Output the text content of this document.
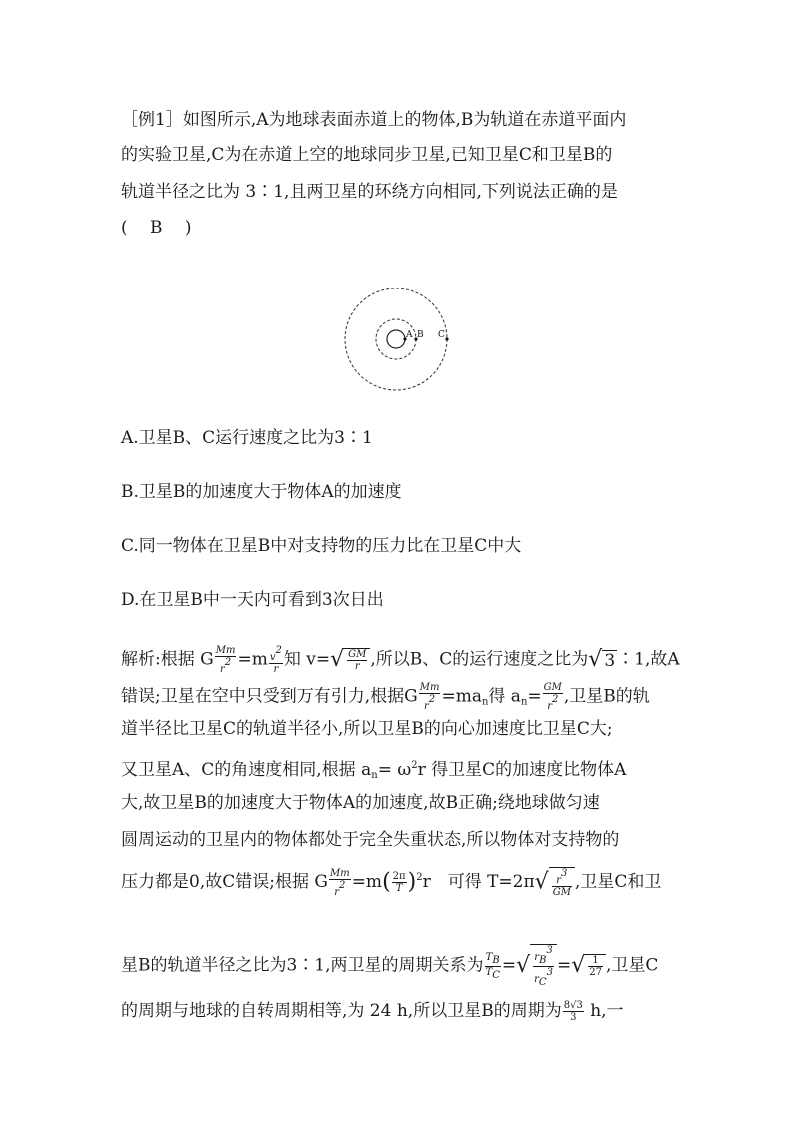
［例1］如图所示,A为地球表面赤道上的物体,B为轨道在赤道平面内
的实验卫星,C为在赤道上空的地球同步卫星,已知卫星C和卫星B的
轨道半径之比为 3∶1,且两卫星的环绕方向相同,下列说法正确的是
(　 B　 )
A B C
A.卫星B、C运行速度之比为3∶1
B.卫星B的加速度大于物体A的加速度
C.同一物体在卫星B中对支持物的压力比在卫星C中大
D.在卫星B中一天内可看到3次日出
解析:根据 G $\frac{Mm}{r2} =m \frac{v2}{r}$ 知 $v=√ \frac{GM}{r}$ ,所以B、C的运行速度之比为√ 3 ∶1,故A
错误;卫星在空中只受到万有引力,根据G $\frac{Mm}{r2} =ma_n$得 $a_n= \frac{GM}{r2}$ ,卫星B的轨
道半径比卫星C的轨道半径小,所以卫星B的向心加速度比卫星C大;
又卫星A、C的角速度相同,根据 $a_n= \omega^2r$ 得卫星C的加速度比物体A
大,故卫星B的加速度大于物体A的加速度,故B正确;绕地球做匀速
圆周运动的卫星内的物体都处于完全失重状态,所以物体对支持物的
压力都是0,故C错误;根据 G $\frac{Mm}{r2} =m( \frac{2\pi}{T} )^2r$　可得 $T=2\pi√ \frac{r3}{GM}$ ,卫星C和卫
星B的轨道半径之比为3∶1,两卫星的周期关系为 $\frac{TB}{TC}$ =√ $\frac{rB3}{rC3}$ =√ $\frac{1}{27}$ ,卫星C
的周期与地球的自转周期相等,为 24 h,所以卫星B的周期为 $\frac{8√3}{3} h$,一
